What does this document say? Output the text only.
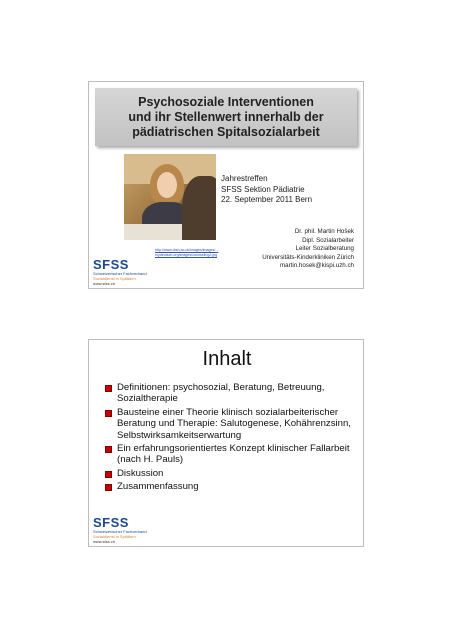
Psychosoziale Interventionen
und ihr Stellenwert innerhalb der
pädiatrischen Spitalsozialarbeit
http://www.drsn.ac.uk/images/images/...
mydeutsch.org/images/counseling2.jpg
Jahrestreffen
SFSS Sektion Pädiatrie
22. September 2011 Bern
Dr. phil. Martin Hošek
Dipl. Sozialarbeiter
Leiter Sozialberatung
Universitäts-Kinderkliniken Zürich
martin.hosek@kispi.uzh.ch
SFSS
Schweizerischer Fachverband
Sozialdienst in Spitälern
www.sfss.ch
Inhalt
Definitionen: psychosozial, Beratung, Betreuung, Sozialtherapie
Bausteine einer Theorie klinisch sozialarbeiterischer Beratung und Therapie: Salutogenese, Kohährenzsinn, Selbstwirksamkeitserwartung
Ein erfahrungsorientiertes Konzept klinischer Fallarbeit (nach H. Pauls)
Diskussion
Zusammenfassung
SFSS
Schweizerischer Fachverband
Sozialdienst in Spitälern
www.sfss.ch
